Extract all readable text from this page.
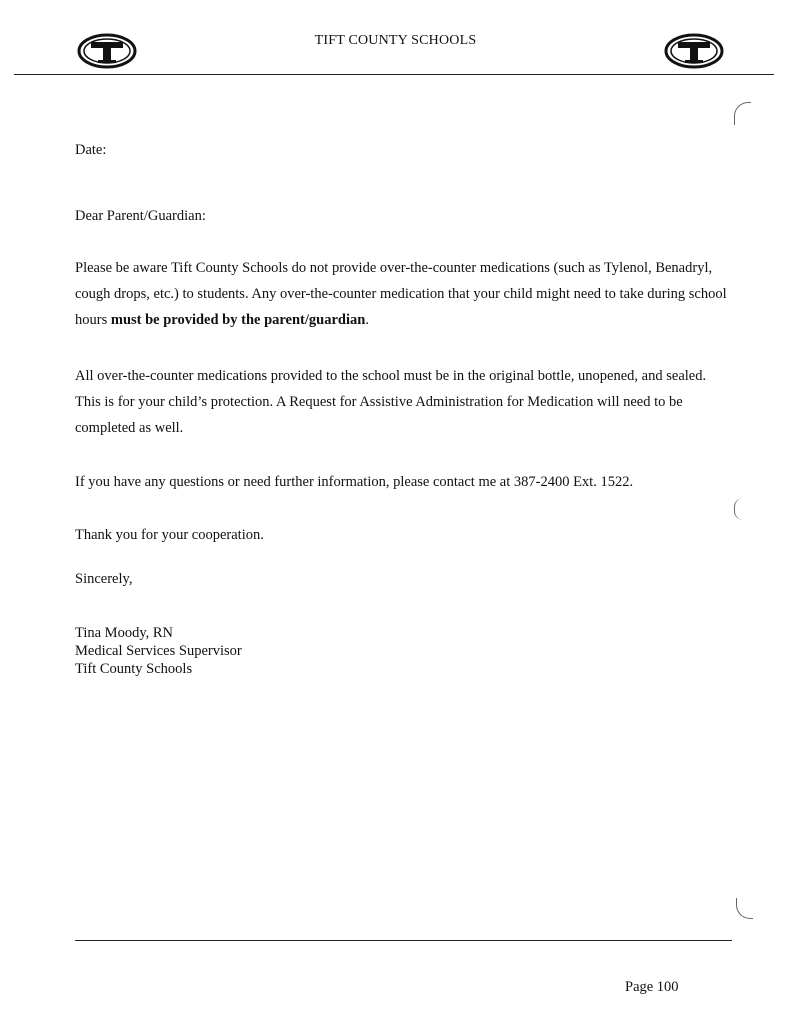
TIFT COUNTY SCHOOLS

Date:

Dear Parent/Guardian:

Please be aware Tift County Schools do not provide over-the-counter medications (such as Tylenol, Benadryl, cough drops, etc.) to students. Any over-the-counter medication that your child might need to take during school hours must be provided by the parent/guardian.

All over-the-counter medications provided to the school must be in the original bottle, unopened, and sealed. This is for your child’s protection. A Request for Assistive Administration for Medication will need to be completed as well.

If you have any questions or need further information, please contact me at 387-2400 Ext. 1522.

Thank you for your cooperation.

Sincerely,

Tina Moody, RN
Medical Services Supervisor
Tift County Schools
Page 100
